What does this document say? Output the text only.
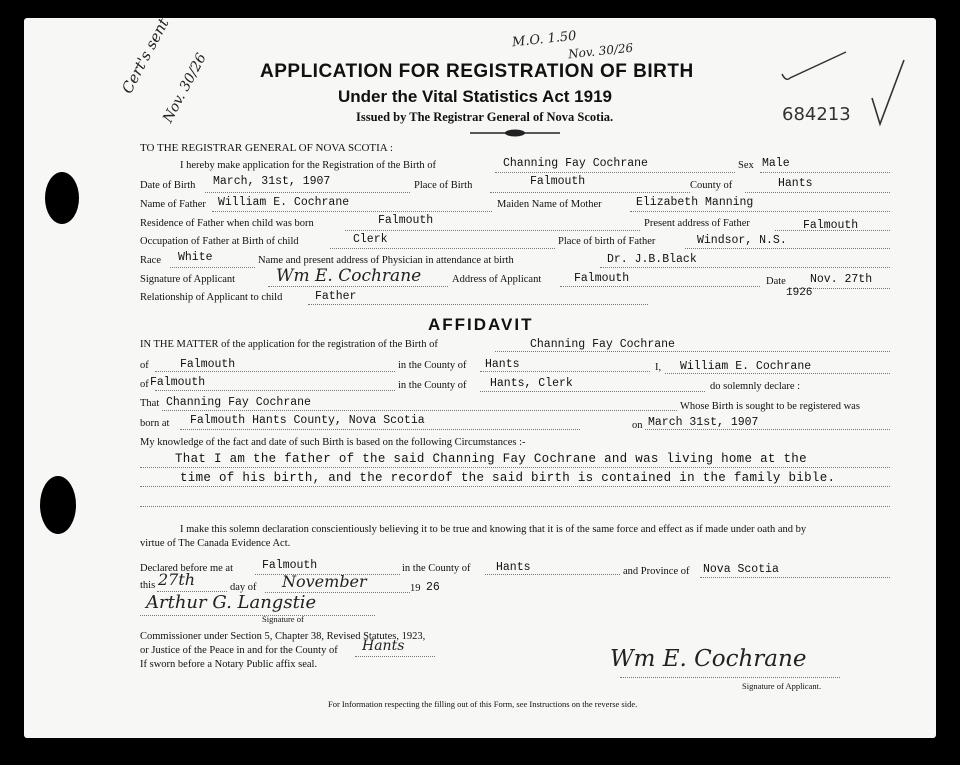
Cert's sent
Nov. 30/26
M.O. 1.50
Nov. 30/26
684213
APPLICATION FOR REGISTRATION OF BIRTH
Under the Vital Statistics Act 1919
Issued by The Registrar General of Nova Scotia.
TO THE REGISTRAR GENERAL OF NOVA SCOTIA :
I hereby make application for the Registration of the Birth of	Channing Fay Cochrane	Sex Male
Date of Birth March, 31st, 1907	Place of Birth	Falmouth	County of	Hants
Name of Father William E. Cochrane	Maiden Name of Mother	Elizabeth Manning
Residence of Father when child was born	Falmouth	Present address of Father	Falmouth
Occupation of Father at Birth of child	Clerk	Place of birth of Father	Windsor, N.S.
Race White	Name and present address of Physician in attendance at birth	Dr. J.B.Black
Signature of Applicant Wm E. Cochrane	Address of Applicant	Falmouth	Date Nov. 27th
1926
Relationship of Applicant to child	Father
AFFIDAVIT
IN THE MATTER of the application for the registration of the Birth of	Channing Fay Cochrane
of	Falmouth	in the County of Hants	I, William E. Cochrane
of Falmouth	in the County of Hants, Clerk	do solemnly declare :
That Channing Fay Cochrane	Whose Birth is sought to be registered was
born at Falmouth Hants County, Nova Scotia	on March 31st, 1907
My knowledge of the fact and date of such Birth is based on the following Circumstances :-
That I am the father of the said Channing Fay Cochrane and was living home at the
time of his birth, and the recordof the said birth is contained in the family bible.
I make this solemn declaration conscientiously believing it to be true and knowing that it is of the same force and effect as if made under oath and by
virtue of The Canada Evidence Act.
Declared before me at	Falmouth	in the County of Hants	and Province of Nova Scotia
this 27th	day of November	19 26
Arthur G. Langstie
Signature of
Commissioner under Section 5, Chapter 38, Revised Statutes, 1923,
or Justice of the Peace in and for the County of Hants
If sworn before a Notary Public affix seal.	Wm E. Cochrane
Signature of Applicant.
For Information respecting the filling out of this Form, see Instructions on the reverse side.
